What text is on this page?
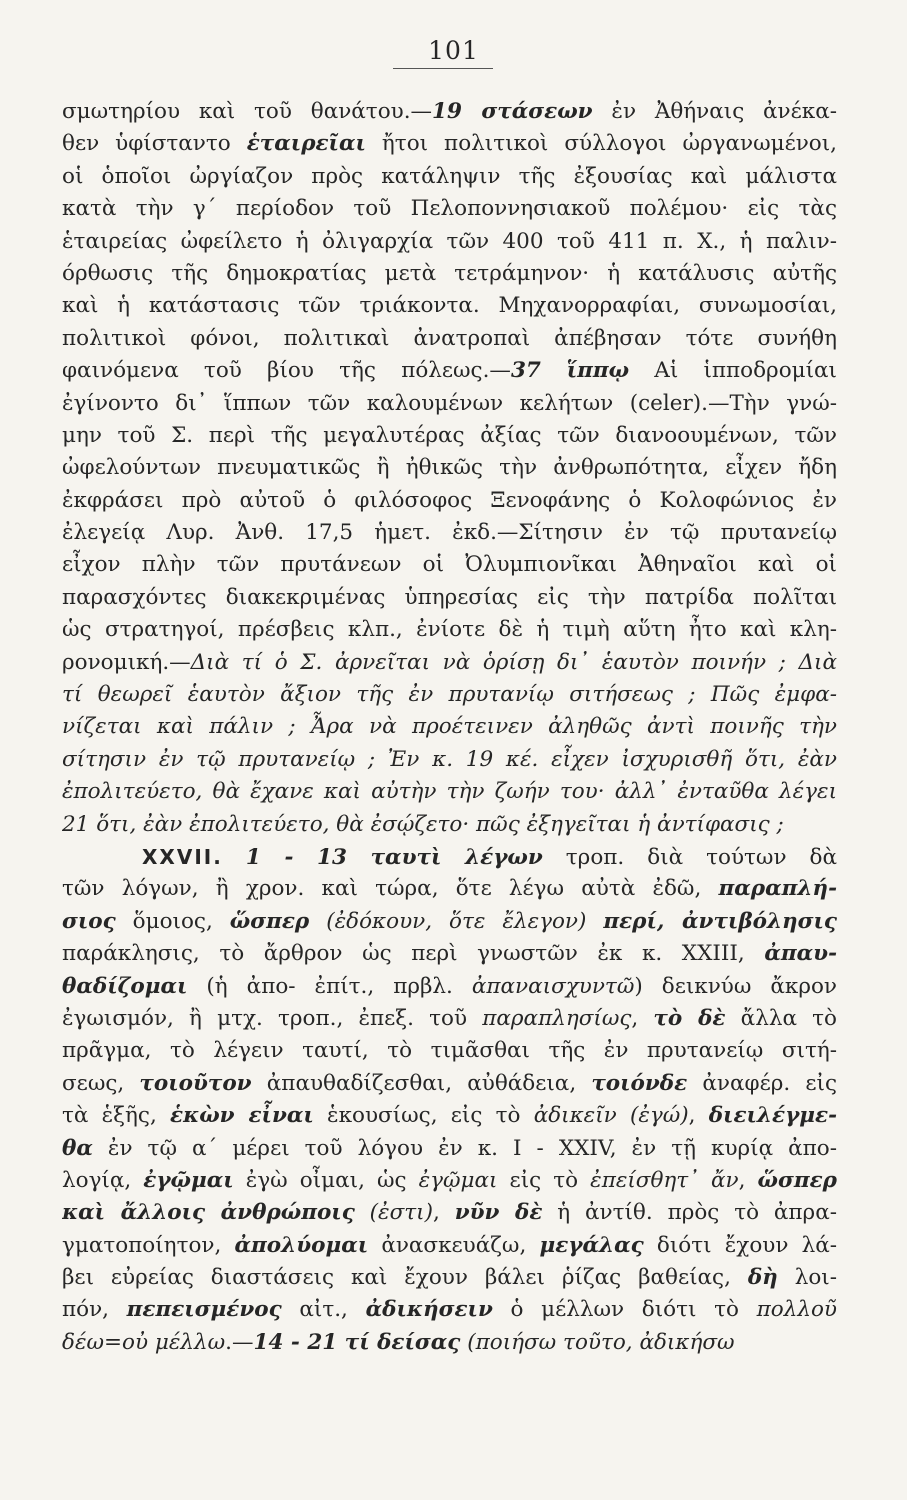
101
σμωτηρίου καὶ τοῦ θανάτου.—19 στάσεων ἐν Ἀθήναις ἀνέκα-
θεν ὑφίσταντο ἑταιρεῖαι ἤτοι πολιτικοὶ σύλλογοι ὠργανωμένοι,
οἱ ὁποῖοι ὠργίαζον πρὸς κατάληψιν τῆς ἐξουσίας καὶ μάλιστα
κατὰ τὴν γ΄ περίοδον τοῦ Πελοποννησιακοῦ πολέμου· εἰς τὰς
ἑταιρείας ὠφείλετο ἡ ὀλιγαρχία τῶν 400 τοῦ 411 π. Χ., ἡ παλιν-
όρθωσις τῆς δημοκρατίας μετὰ τετράμηνον· ἡ κατάλυσις αὐτῆς
καὶ ἡ κατάστασις τῶν τριάκοντα. Μηχανορραφίαι, συνωμοσίαι,
πολιτικοὶ φόνοι, πολιτικαὶ ἀνατροπαὶ ἀπέβησαν τότε συνήθη
φαινόμενα τοῦ βίου τῆς πόλεως.—37 ἵππῳ Αἱ ἱπποδρομίαι
ἐγίνοντο δι᾽ ἵππων τῶν καλουμένων κελήτων (celer).—Τὴν γνώ-
μην τοῦ Σ. περὶ τῆς μεγαλυτέρας ἀξίας τῶν διανοουμένων, τῶν
ὠφελούντων πνευματικῶς ἢ ἠθικῶς τὴν ἀνθρωπότητα, εἶχεν ἤδη
ἐκφράσει πρὸ αὐτοῦ ὁ φιλόσοφος Ξενοφάνης ὁ Κολοφώνιος ἐν
ἐλεγείᾳ Λυρ. Ἀνθ. 17,5 ἡμετ. ἐκδ.—Σίτησιν ἐν τῷ πρυτανείῳ
εἶχον πλὴν τῶν πρυτάνεων οἱ Ὀλυμπιονῖκαι Ἀθηναῖοι καὶ οἱ
παρασχόντες διακεκριμένας ὑπηρεσίας εἰς τὴν πατρίδα πολῖται
ὡς στρατηγοί, πρέσβεις κλπ., ἐνίοτε δὲ ἡ τιμὴ αὕτη ἦτο καὶ κλη-
ρονομική.—Διὰ τί ὁ Σ. ἀρνεῖται νὰ ὁρίσῃ δι᾽ ἑαυτὸν ποινήν ; Διὰ
τί θεωρεῖ ἑαυτὸν ἄξιον τῆς ἐν πρυτανίῳ σιτήσεως ; Πῶς ἐμφα-
νίζεται καὶ πάλιν ; Ἆρα νὰ προέτεινεν ἀληθῶς ἀντὶ ποινῆς τὴν
σίτησιν ἐν τῷ πρυτανείῳ ; Ἐν κ. 19 κέ. εἶχεν ἰσχυρισθῆ ὅτι, ἐὰν
ἐπολιτεύετο, θὰ ἔχανε καὶ αὐτὴν τὴν ζωήν του· ἀλλ᾽ ἐνταῦθα λέγει
21 ὅτι, ἐὰν ἐπολιτεύετο, θὰ ἐσῴζετο· πῶς ἐξηγεῖται ἡ ἀντίφασις ;
XXVII. 1 - 13 ταυτὶ λέγων τροπ. διὰ τούτων δὰ
τῶν λόγων, ἢ χρον. καὶ τώρα, ὅτε λέγω αὐτὰ ἐδῶ, παραπλή-
σιος ὅμοιος, ὥσπερ (ἐδόκουν, ὅτε ἔλεγον) περί, ἀντιβόλησις
παράκλησις, τὸ ἄρθρον ὡς περὶ γνωστῶν ἐκ κ. XXIII, ἀπαυ-
θαδίζομαι (ἡ ἀπο- ἐπίτ., πρβλ. ἀπαναισχυντῶ) δεικνύω ἄκρον
ἐγωισμόν, ἢ μτχ. τροπ., ἐπεξ. τοῦ παραπλησίως, τὸ δὲ ἄλλα τὸ
πρᾶγμα, τὸ λέγειν ταυτί, τὸ τιμᾶσθαι τῆς ἐν πρυτανείῳ σιτή-
σεως, τοιοῦτον ἀπαυθαδίζεσθαι, αὐθάδεια, τοιόνδε ἀναφέρ. εἰς
τὰ ἑξῆς, ἑκὼν εἶναι ἑκουσίως, εἰς τὸ ἀδικεῖν (ἐγώ), διειλέγμε-
θα ἐν τῷ α΄ μέρει τοῦ λόγου ἐν κ. I - XXIV, ἐν τῇ κυρίᾳ ἀπο-
λογίᾳ, ἐγῷμαι ἐγὼ οἶμαι, ὡς ἐγῷμαι εἰς τὸ ἐπείσθητ᾽ ἄν, ὥσπερ
καὶ ἄλλοις ἀνθρώποις (ἐστι), νῦν δὲ ἡ ἀντίθ. πρὸς τὸ ἀπρα-
γματοποίητον, ἀπολύομαι ἀνασκευάζω, μεγάλας διότι ἔχουν λά-
βει εὐρείας διαστάσεις καὶ ἔχουν βάλει ῥίζας βαθείας, δὴ λοι-
πόν, πεπεισμένος αἰτ., ἀδικήσειν ὁ μέλλων διότι τὸ πολλοῦ
δέω=οὐ μέλλω.—14 - 21 τί δείσας (ποιήσω τοῦτο, ἀδικήσω
